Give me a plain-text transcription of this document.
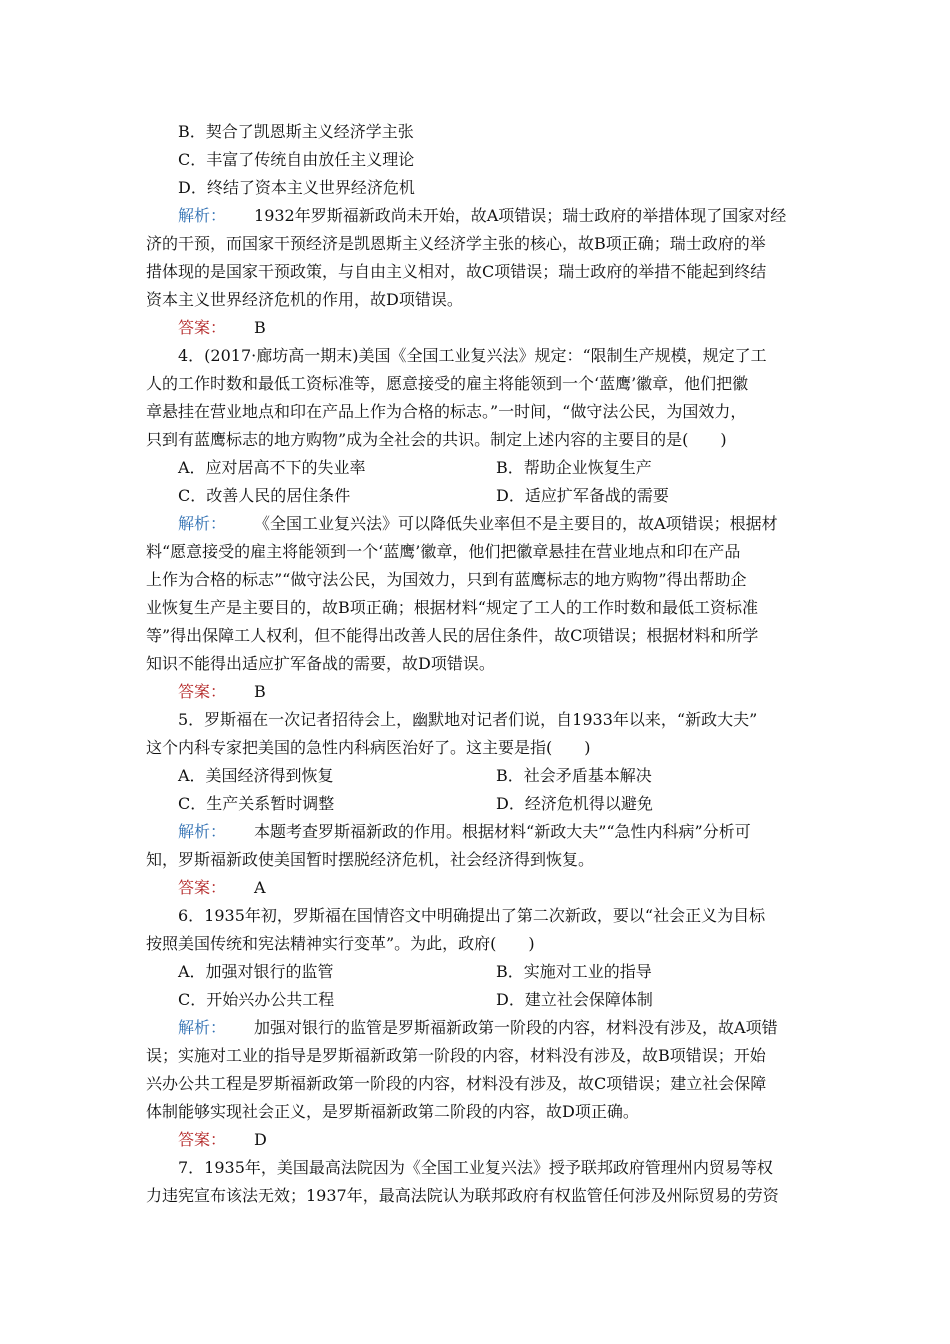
B．契合了凯恩斯主义经济学主张
C．丰富了传统自由放任主义理论
D．终结了资本主义世界经济危机
解析： 1932年罗斯福新政尚未开始，故A项错误；瑞士政府的举措体现了国家对经
济的干预，而国家干预经济是凯恩斯主义经济学主张的核心，故B项正确；瑞士政府的举
措体现的是国家干预政策，与自由主义相对，故C项错误；瑞士政府的举措不能起到终结
资本主义世界经济危机的作用，故D项错误。
答案： B
4．(2017·廊坊高一期末)美国《全国工业复兴法》规定：“限制生产规模，规定了工
人的工作时数和最低工资标准等，愿意接受的雇主将能领到一个‘蓝鹰’徽章，他们把徽
章悬挂在营业地点和印在产品上作为合格的标志。”一时间，“做守法公民，为国效力，
只到有蓝鹰标志的地方购物”成为全社会的共识。制定上述内容的主要目的是(　　)
A．应对居高不下的失业率	B．帮助企业恢复生产
C．改善人民的居住条件	D．适应扩军备战的需要
解析： 《全国工业复兴法》可以降低失业率但不是主要目的，故A项错误；根据材
料“愿意接受的雇主将能领到一个‘蓝鹰’徽章，他们把徽章悬挂在营业地点和印在产品
上作为合格的标志”“做守法公民，为国效力，只到有蓝鹰标志的地方购物”得出帮助企
业恢复生产是主要目的，故B项正确；根据材料“规定了工人的工作时数和最低工资标准
等”得出保障工人权利，但不能得出改善人民的居住条件，故C项错误；根据材料和所学
知识不能得出适应扩军备战的需要，故D项错误。
答案： B
5．罗斯福在一次记者招待会上，幽默地对记者们说，自1933年以来，“新政大夫”
这个内科专家把美国的急性内科病医治好了。这主要是指(　　)
A．美国经济得到恢复	B．社会矛盾基本解决
C．生产关系暂时调整	D．经济危机得以避免
解析： 本题考查罗斯福新政的作用。根据材料“新政大夫”“急性内科病”分析可
知，罗斯福新政使美国暂时摆脱经济危机，社会经济得到恢复。
答案： A
6．1935年初，罗斯福在国情咨文中明确提出了第二次新政，要以“社会正义为目标
按照美国传统和宪法精神实行变革”。为此，政府(　　)
A．加强对银行的监管	B．实施对工业的指导
C．开始兴办公共工程	D．建立社会保障体制
解析： 加强对银行的监管是罗斯福新政第一阶段的内容，材料没有涉及，故A项错
误；实施对工业的指导是罗斯福新政第一阶段的内容，材料没有涉及，故B项错误；开始
兴办公共工程是罗斯福新政第一阶段的内容，材料没有涉及，故C项错误；建立社会保障
体制能够实现社会正义，是罗斯福新政第二阶段的内容，故D项正确。
答案： D
7．1935年，美国最高法院因为《全国工业复兴法》授予联邦政府管理州内贸易等权
力违宪宣布该法无效；1937年，最高法院认为联邦政府有权监管任何涉及州际贸易的劳资
